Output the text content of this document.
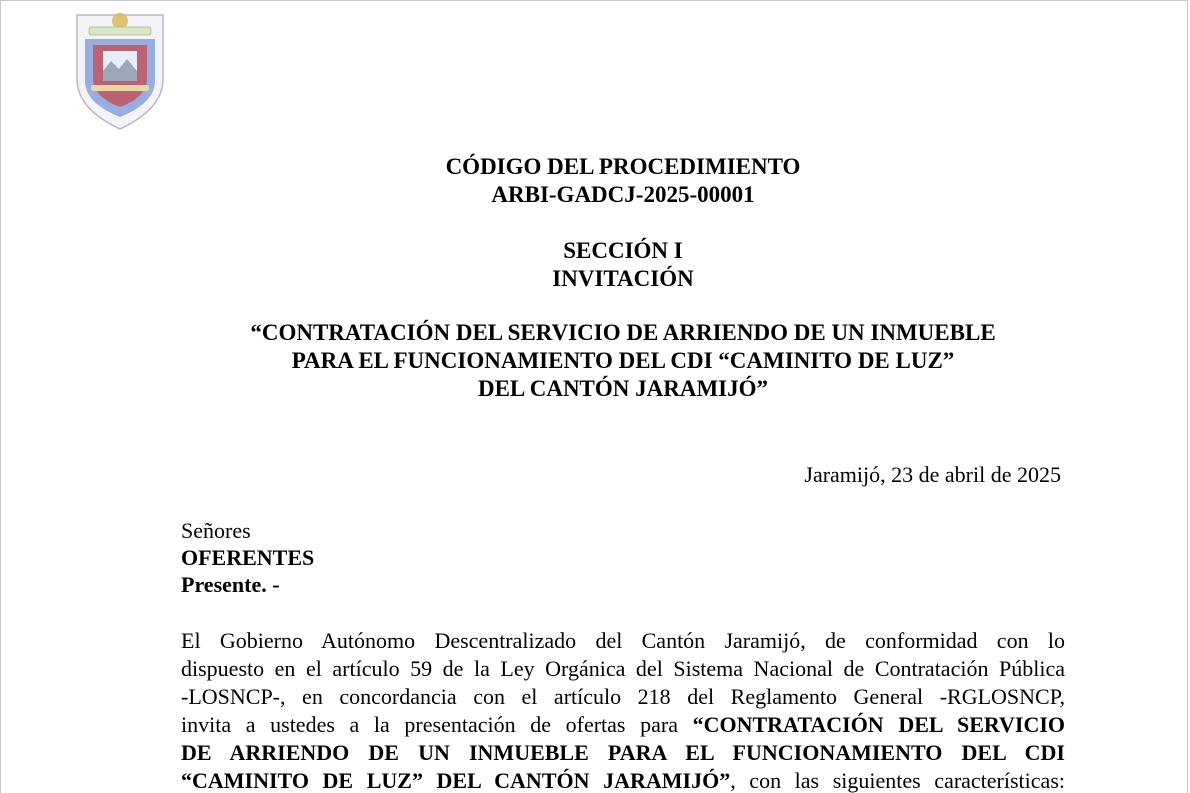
CÓDIGO DEL PROCEDIMIENTO
ARBI-GADCJ-2025-00001
SECCIÓN I
INVITACIÓN
“CONTRATACIÓN DEL SERVICIO DE ARRIENDO DE UN INMUEBLE
PARA EL FUNCIONAMIENTO DEL CDI “CAMINITO DE LUZ”
DEL CANTÓN JARAMIJÓ”
Jaramijó, 23 de abril de 2025
Señores
OFERENTES
Presente. -
El Gobierno Autónomo Descentralizado del Cantón Jaramijó, de conformidad con lo
dispuesto en el artículo 59 de la Ley Orgánica del Sistema Nacional de Contratación Pública
-LOSNCP-, en concordancia con el artículo 218 del Reglamento General -RGLOSNCP,
invita a ustedes a la presentación de ofertas para “CONTRATACIÓN DEL SERVICIO
DE ARRIENDO DE UN INMUEBLE PARA EL FUNCIONAMIENTO DEL CDI
“CAMINITO DE LUZ” DEL CANTÓN JARAMIJÓ”, con las siguientes características:
